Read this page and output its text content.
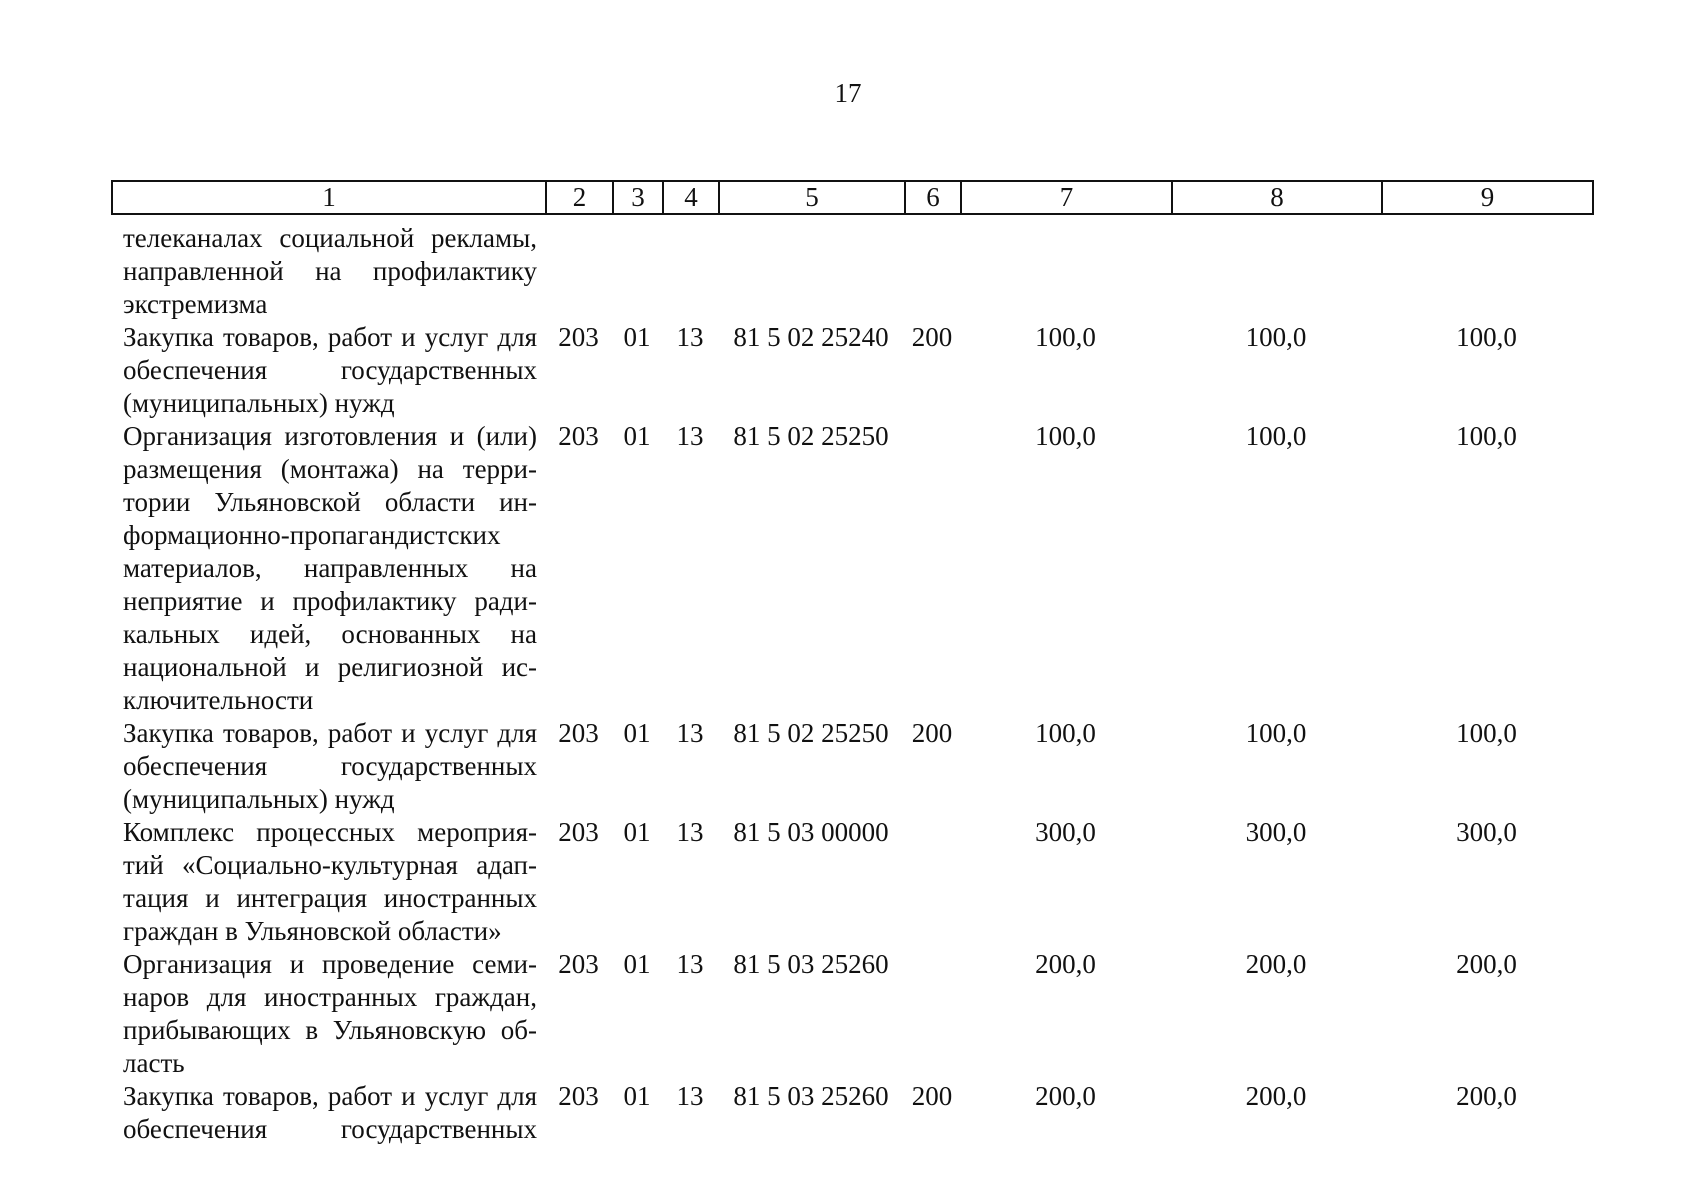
17
1	2	3	4	5	6	7	8	9
телеканалах социальной рекламы,
направленной на профилактику
экстремизма
Закупка товаров, работ и услуг для
обеспечения государственных
(муниципальных) нужд
203 01 13	81 5 02 25240 200	100,0	100,0	100,0
Организация изготовления и (или)
размещения (монтажа) на терри-
тории Ульяновской области ин-
формационно-пропагандистских
материалов, направленных на
неприятие и профилактику ради-
кальных идей, основанных на
национальной и религиозной ис-
ключительности
203 01 13	81 5 02 25250	100,0	100,0	100,0
Закупка товаров, работ и услуг для
обеспечения государственных
(муниципальных) нужд
203 01 13	81 5 02 25250 200	100,0	100,0	100,0
Комплекс процессных мероприя-
тий «Социально-культурная адап-
тация и интеграция иностранных
граждан в Ульяновской области»
203 01 13	81 5 03 00000	300,0	300,0	300,0
Организация и проведение семи-
наров для иностранных граждан,
прибывающих в Ульяновскую об-
ласть
203 01 13	81 5 03 25260	200,0	200,0	200,0
Закупка товаров, работ и услуг для
обеспечения государственных
203 01 13	81 5 03 25260 200	200,0	200,0	200,0
